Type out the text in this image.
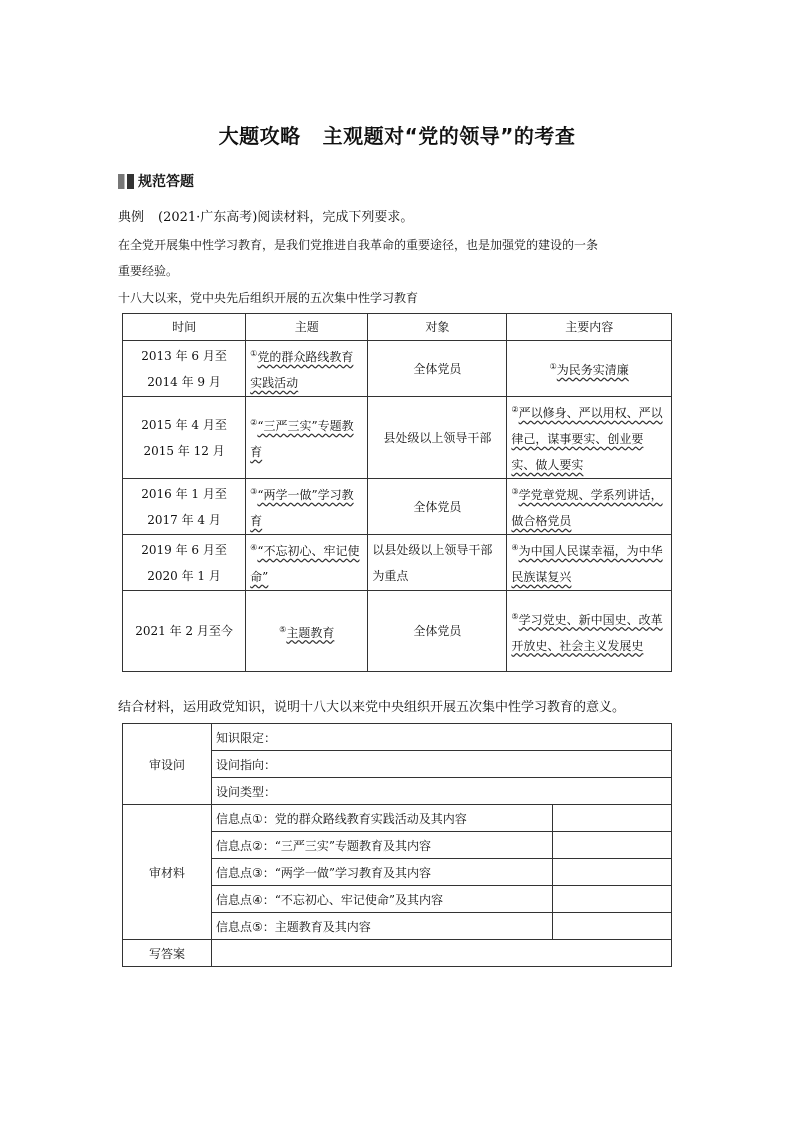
大题攻略 主观题对“党的领导”的考查
规范答题
典例 (2021·广东高考)阅读材料，完成下列要求。
在全党开展集中性学习教育，是我们党推进自我革命的重要途径，也是加强党的建设的一条
重要经验。
十八大以来，党中央先后组织开展的五次集中性学习教育
时间	主题	对象	主要内容
2013 年 6 月至 2014 年 9 月	①党的群众路线教育实践活动	全体党员	①为民务实清廉
2015 年 4 月至 2015 年 12 月	②“三严三实”专题教育	县处级以上领导干部	②严以修身、严以用权、严以律己，谋事要实、创业要实、做人要实
2016 年 1 月至 2017 年 4 月	③“两学一做”学习教育	全体党员	③学党章党规、学系列讲话，做合格党员
2019 年 6 月至 2020 年 1 月	④“不忘初心、牢记使命”	以县处级以上领导干部为重点	④为中国人民谋幸福，为中华民族谋复兴
2021 年 2 月至今	⑤主题教育	全体党员	⑤学习党史、新中国史、改革开放史、社会主义发展史
结合材料，运用政党知识，说明十八大以来党中央组织开展五次集中性学习教育的意义。
审设问	知识限定：	
	设问指向：	
	设问类型：	
审材料	信息点①：党的群众路线教育实践活动及其内容	
	信息点②：“三严三实”专题教育及其内容	
	信息点③：“两学一做”学习教育及其内容	
	信息点④：“不忘初心、牢记使命”及其内容	
	信息点⑤：主题教育及其内容	
写答案		
